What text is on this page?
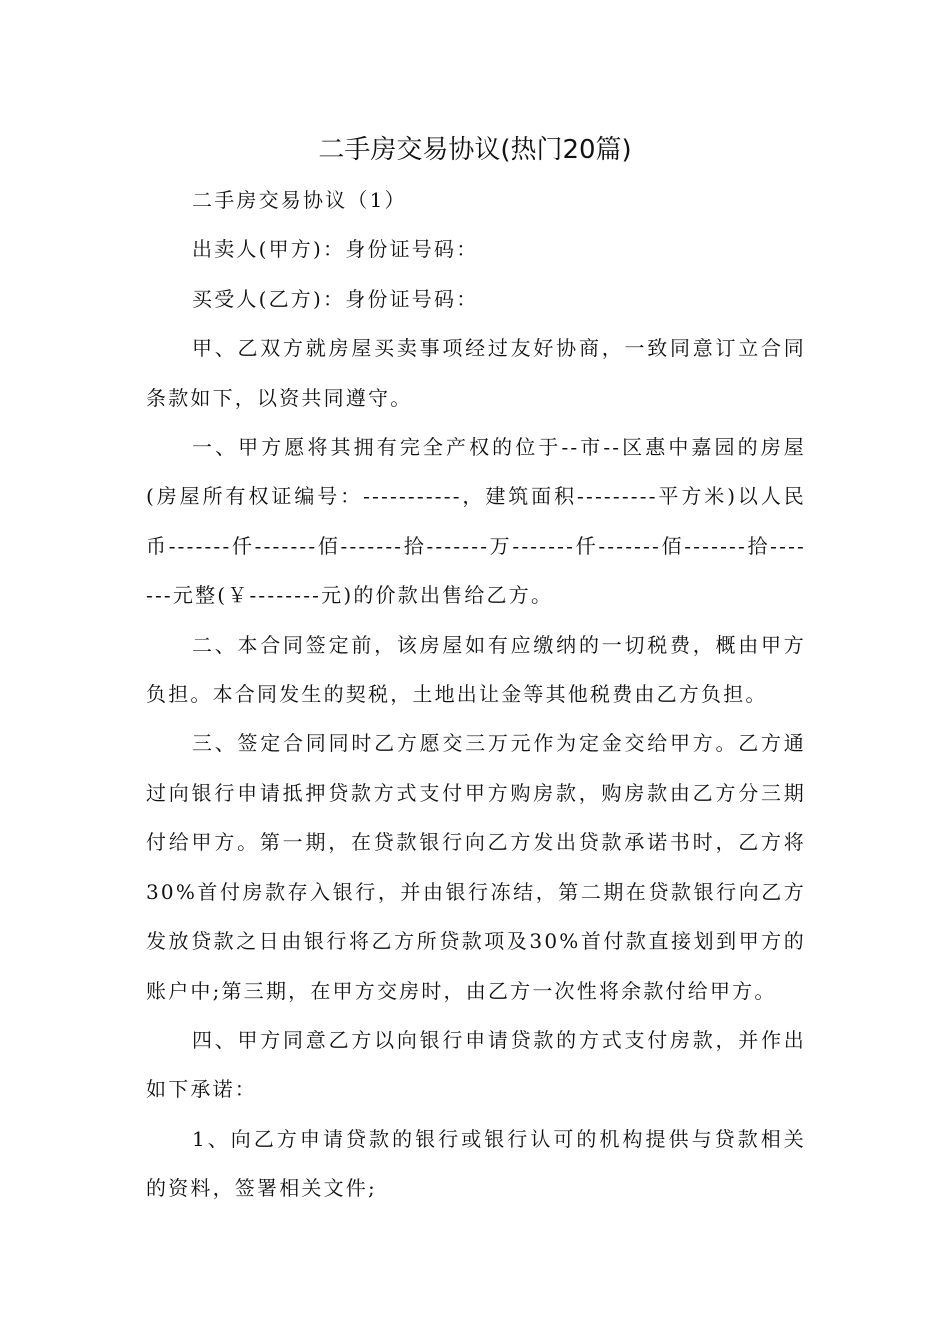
二手房交易协议(热门20篇)

二手房交易协议（1）

出卖人(甲方)：身份证号码：

买受人(乙方)：身份证号码：

甲、乙双方就房屋买卖事项经过友好协商，一致同意订立合同条款如下，以资共同遵守。

一、甲方愿将其拥有完全产权的位于--市--区惠中嘉园的房屋(房屋所有权证编号：-----------，建筑面积---------平方米)以人民币-------仟-------佰-------拾-------万-------仟-------佰-------拾-------元整(￥--------元)的价款出售给乙方。

二、本合同签定前，该房屋如有应缴纳的一切税费，概由甲方负担。本合同发生的契税，土地出让金等其他税费由乙方负担。

三、签定合同同时乙方愿交三万元作为定金交给甲方。乙方通过向银行申请抵押贷款方式支付甲方购房款，购房款由乙方分三期付给甲方。第一期，在贷款银行向乙方发出贷款承诺书时，乙方将30%首付房款存入银行，并由银行冻结，第二期在贷款银行向乙方发放贷款之日由银行将乙方所贷款项及30%首付款直接划到甲方的账户中;第三期，在甲方交房时，由乙方一次性将余款付给甲方。

四、甲方同意乙方以向银行申请贷款的方式支付房款，并作出如下承诺：

1、向乙方申请贷款的银行或银行认可的机构提供与贷款相关的资料，签署相关文件;
